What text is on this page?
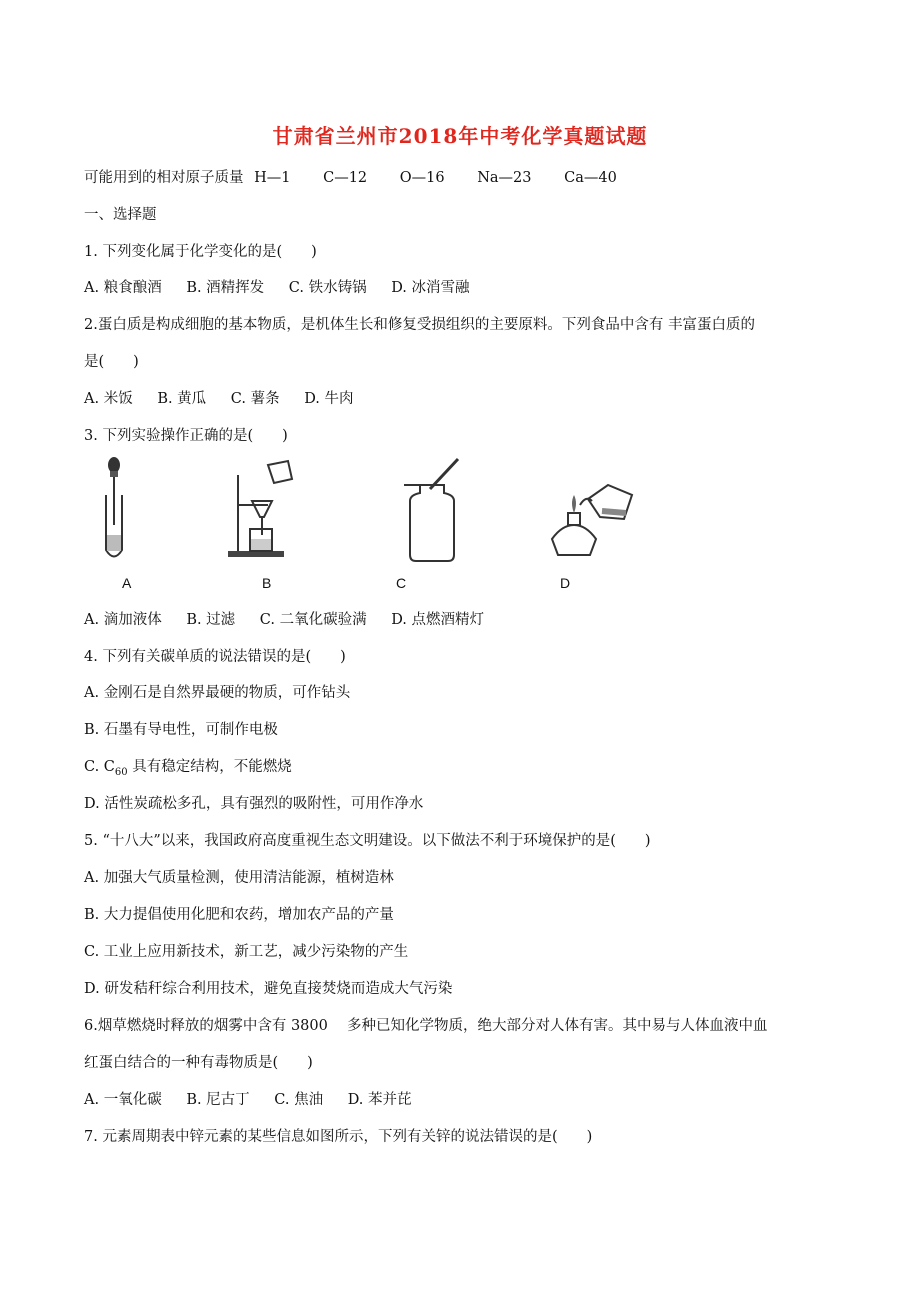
甘肃省兰州市2018年中考化学真题试题
可能用到的相对原子质量 H—1 C—12 O—16 Na—23 Ca—40
一、选择题
1. 下列变化属于化学变化的是(　　)
A. 粮食酿酒 B. 酒精挥发 C. 铁水铸锅 D. 冰消雪融
2.蛋白质是构成细胞的基本物质，是机体生长和修复受损组织的主要原料。下列食品中含有 丰富蛋白质的
是(　　)
A. 米饭 B. 黄瓜 C. 薯条 D. 牛肉
3. 下列实验操作正确的是(　　)
A	B	C	D
A. 滴加液体 B. 过滤 C. 二氧化碳验满 D. 点燃酒精灯
4. 下列有关碳单质的说法错误的是(　　)
A. 金刚石是自然界最硬的物质，可作钻头
B. 石墨有导电性，可制作电极
C. $C_{60}$ 具有稳定结构，不能燃烧
D. 活性炭疏松多孔，具有强烈的吸附性，可用作净水
5. “十八大”以来，我国政府高度重视生态文明建设。以下做法不利于环境保护的是(　　)
A. 加强大气质量检测，使用清洁能源，植树造林
B. 大力提倡使用化肥和农药，增加农产品的产量
C. 工业上应用新技术，新工艺，减少污染物的产生
D. 研发秸秆综合利用技术，避免直接焚烧而造成大气污染
6.烟草燃烧时释放的烟雾中含有 3800　 多种已知化学物质，绝大部分对人体有害。其中易与人体血液中血
红蛋白结合的一种有毒物质是(　　)
A. 一氧化碳 B. 尼古丁 C. 焦油 D. 苯并芘
7. 元素周期表中锌元素的某些信息如图所示，下列有关锌的说法错误的是(　　)
